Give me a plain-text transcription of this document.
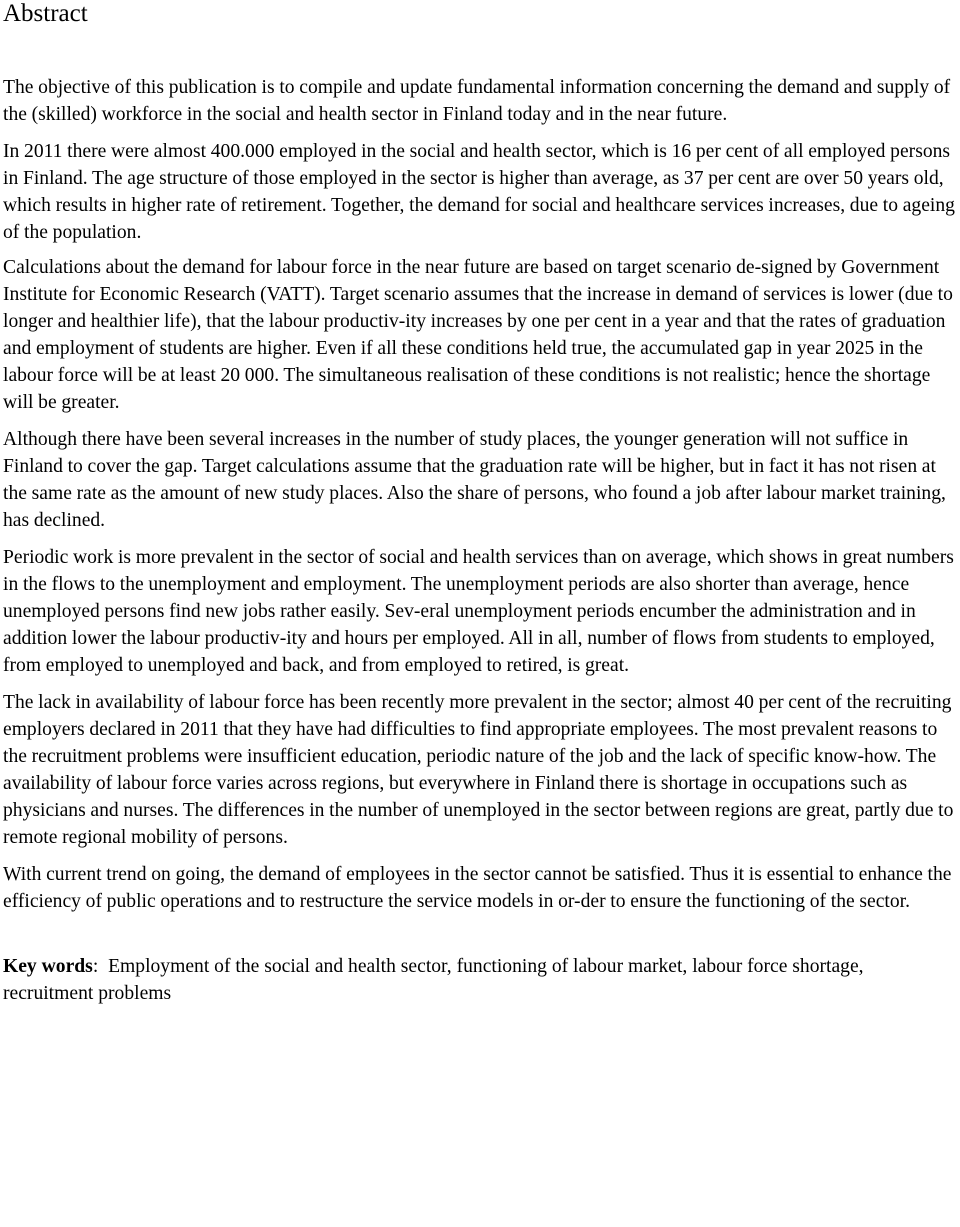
Abstract

The objective of this publication is to compile and update fundamental information concerning the demand and supply of the (skilled) workforce in the social and health sector in Finland today and in the near future.

In 2011 there were almost 400.000 employed in the social and health sector, which is 16 per cent of all employed persons in Finland. The age structure of those employed in the sector is higher than average, as 37 per cent are over 50 years old, which results in higher rate of retirement. Together, the demand for social and healthcare services increases, due to ageing of the population.

Calculations about the demand for labour force in the near future are based on target scenario de-signed by Government Institute for Economic Research (VATT). Target scenario assumes that the increase in demand of services is lower (due to longer and healthier life), that the labour productiv-ity increases by one per cent in a year and that the rates of graduation and employment of students are higher. Even if all these conditions held true, the accumulated gap in year 2025 in the labour force will be at least 20 000. The simultaneous realisation of these conditions is not realistic; hence the shortage will be greater.

Although there have been several increases in the number of study places, the younger generation will not suffice in Finland to cover the gap. Target calculations assume that the graduation rate will be higher, but in fact it has not risen at the same rate as the amount of new study places. Also the share of persons, who found a job after labour market training, has declined.

Periodic work is more prevalent in the sector of social and health services than on average, which shows in great numbers in the flows to the unemployment and employment. The unemployment periods are also shorter than average, hence unemployed persons find new jobs rather easily. Sev-eral unemployment periods encumber the administration and in addition lower the labour productiv-ity and hours per employed. All in all, number of flows from students to employed, from employed to unemployed and back, and from employed to retired, is great.

The lack in availability of labour force has been recently more prevalent in the sector; almost 40 per cent of the recruiting employers declared in 2011 that they have had difficulties to find appropriate employees. The most prevalent reasons to the recruitment problems were insufficient education, periodic nature of the job and the lack of specific know-how. The availability of labour force varies across regions, but everywhere in Finland there is shortage in occupations such as physicians and nurses. The differences in the number of unemployed in the sector between regions are great, partly due to remote regional mobility of persons.

With current trend on going, the demand of employees in the sector cannot be satisfied. Thus it is essential to enhance the efficiency of public operations and to restructure the service models in or-der to ensure the functioning of the sector.

Key words:  Employment of the social and health sector, functioning of labour market, labour force shortage, recruitment problems
